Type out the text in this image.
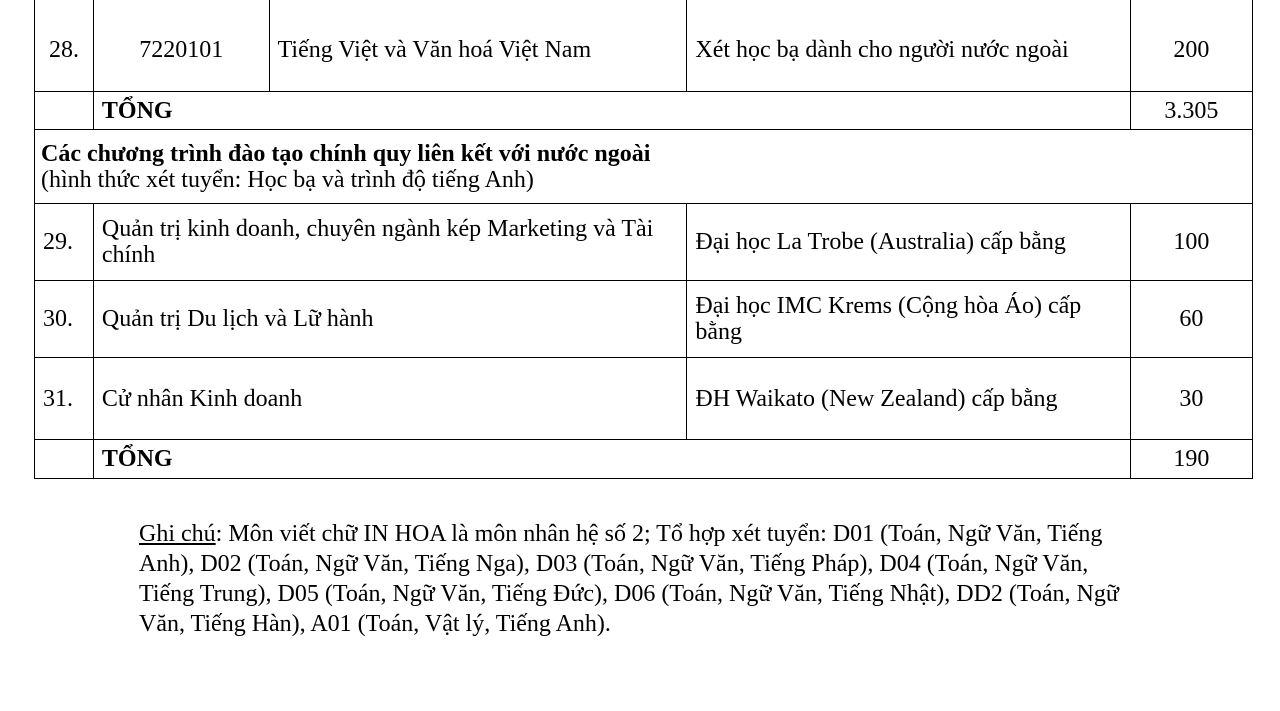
28.	7220101	Tiếng Việt và Văn hoá Việt Nam	Xét học bạ dành cho người nước ngoài	200
	TỔNG			3.305

Các chương trình đào tạo chính quy liên kết với nước ngoài
(hình thức xét tuyển: Học bạ và trình độ tiếng Anh)				

29.	Quản trị kinh doanh, chuyên ngành kép Marketing và Tài chính		Đại học La Trobe (Australia) cấp bằng	100
30.	Quản trị Du lịch và Lữ hành		Đại học IMC Krems (Cộng hòa Áo) cấp bằng	60
31.	Cử nhân Kinh doanh		ĐH Waikato (New Zealand) cấp bằng	30
	TỔNG			190
Ghi chú: Môn viết chữ IN HOA là môn nhân hệ số 2; Tổ hợp xét tuyển: D01 (Toán, Ngữ Văn, Tiếng Anh), D02 (Toán, Ngữ Văn, Tiếng Nga), D03 (Toán, Ngữ Văn, Tiếng Pháp), D04 (Toán, Ngữ Văn, Tiếng Trung), D05 (Toán, Ngữ Văn, Tiếng Đức), D06 (Toán, Ngữ Văn, Tiếng Nhật), DD2 (Toán, Ngữ Văn, Tiếng Hàn), A01 (Toán, Vật lý, Tiếng Anh).
